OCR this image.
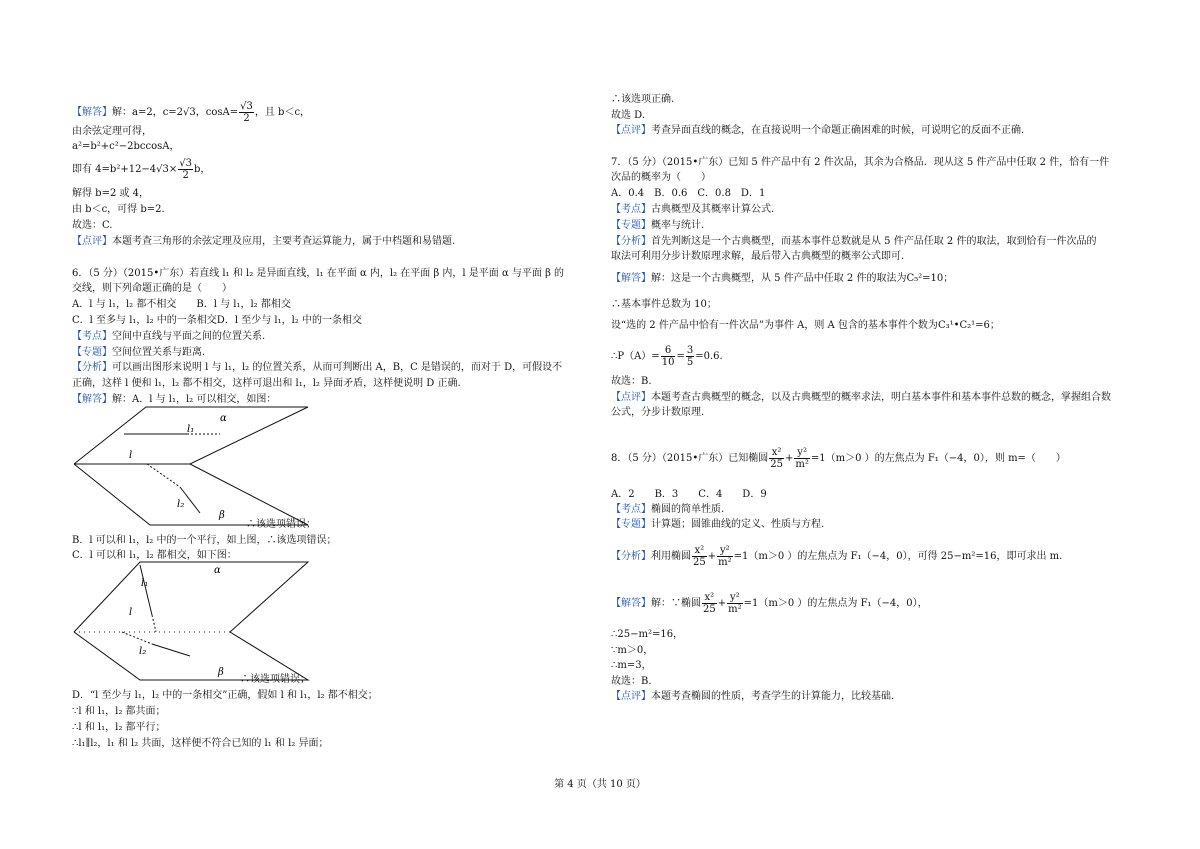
【解答】解：a=2，c=2√3，$\cos A= \frac{√3}{2}$ ，且 b＜c，
由余弦定理可得，
a²=b²+c²−2bccosA，
即有 $4=b^2+12-4√3\times \frac{√3}{2}$ b，
解得 b=2 或 4，
由 b＜c，可得 b=2.
故选：C.
【点评】本题考查三角形的余弦定理及应用，主要考查运算能力，属于中档题和易错题.
6．（5 分）（2015•广东）若直线 l₁ 和 l₂ 是异面直线，l₁ 在平面 α 内，l₂ 在平面 β 内，l 是平面 α 与平面 β 的
交线，则下列命题正确的是（　　）
A．l 与 l₁，l₂ 都不相交　　B．l 与 l₁，l₂ 都相交
C．l 至多与 l₁，l₂ 中的一条相交D．l 至少与 l₁，l₂ 中的一条相交
【考点】空间中直线与平面之间的位置关系.
【专题】空间位置关系与距离.
【分析】可以画出图形来说明 l 与 l₁，l₂ 的位置关系，从而可判断出 A，B，C 是错误的，而对于 D，可假设不
正确，这样 l 便和 l₁，l₂ 都不相交，这样可退出和 l₁，l₂ 异面矛盾，这样便说明 D 正确.
【解答】解：A．l 与 l₁，l₂ 可以相交，如图：
α
l₁
l
l₂
β
∴该选项错误；
B．l 可以和 l₁，l₂ 中的一个平行，如上图，∴该选项错误；
C．l 可以和 l₁，l₂ 都相交，如下图：
α
l₁
l
l₂
β
∴该选项错误；
D．“l 至少与 l₁，l₂ 中的一条相交”正确，假如 l 和 l₁，l₂ 都不相交；
∵l 和 l₁，l₂ 都共面；
∴l 和 l₁，l₂ 都平行；
∴l₁∥l₂，l₁ 和 l₂ 共面，这样便不符合已知的 l₁ 和 l₂ 异面；
∴该选项正确.
故选 D.
【点评】考查异面直线的概念，在直接说明一个命题正确困难的时候，可说明它的反面不正确.
7．（5 分）（2015•广东）已知 5 件产品中有 2 件次品，其余为合格品．现从这 5 件产品中任取 2 件，恰有一件
次品的概率为（　　）
A．0.4　B．0.6　C．0.8　D．1
【考点】古典概型及其概率计算公式.
【专题】概率与统计.
【分析】首先判断这是一个古典概型，而基本事件总数就是从 5 件产品任取 2 件的取法，取到恰有一件次品的
取法可利用分步计数原理求解，最后带入古典概型的概率公式即可.
【解答】解：这是一个古典概型，从 5 件产品中任取 2 件的取法为C₅²=10；
∴基本事件总数为 10；
设“选的 2 件产品中恰有一件次品”为事件 A，则 A 包含的基本事件个数为C₃¹•C₂¹=6；
∴P（A）= $\frac{6}{10} = \frac{3}{5} =0.6$.
故选：B.
【点评】本题考查古典概型的概念，以及古典概型的概率求法，明白基本事件和基本事件总数的概念，掌握组合数
公式，分步计数原理.
8．（5 分）（2015•广东）已知椭圆 $\frac{\text{x²}}{25} + \frac{\text{y²}}{\text{m²}} =1(m>0$ ）的左焦点为 F₁（−4，0），则 m=（　　）
A．2　　B．3　　C．4　　D．9
【考点】椭圆的简单性质.
【专题】计算题；圆锥曲线的定义、性质与方程.
【分析】利用椭圆 $\frac{\text{x²}}{25} + \frac{\text{y²}}{\text{m²}} =1(m>0$ ）的左焦点为 F₁（−4，0），可得 25−m²=16，即可求出 m.
【解答】解：∵椭圆 $\frac{\text{x²}}{25} + \frac{\text{y²}}{\text{m²}} =1(m>0$ ）的左焦点为 F₁（−4，0），
∴25−m²=16，
∵m＞0，
∴m=3，
故选：B.
【点评】本题考查椭圆的性质，考查学生的计算能力，比较基础.
第 4 页（共 10 页）
